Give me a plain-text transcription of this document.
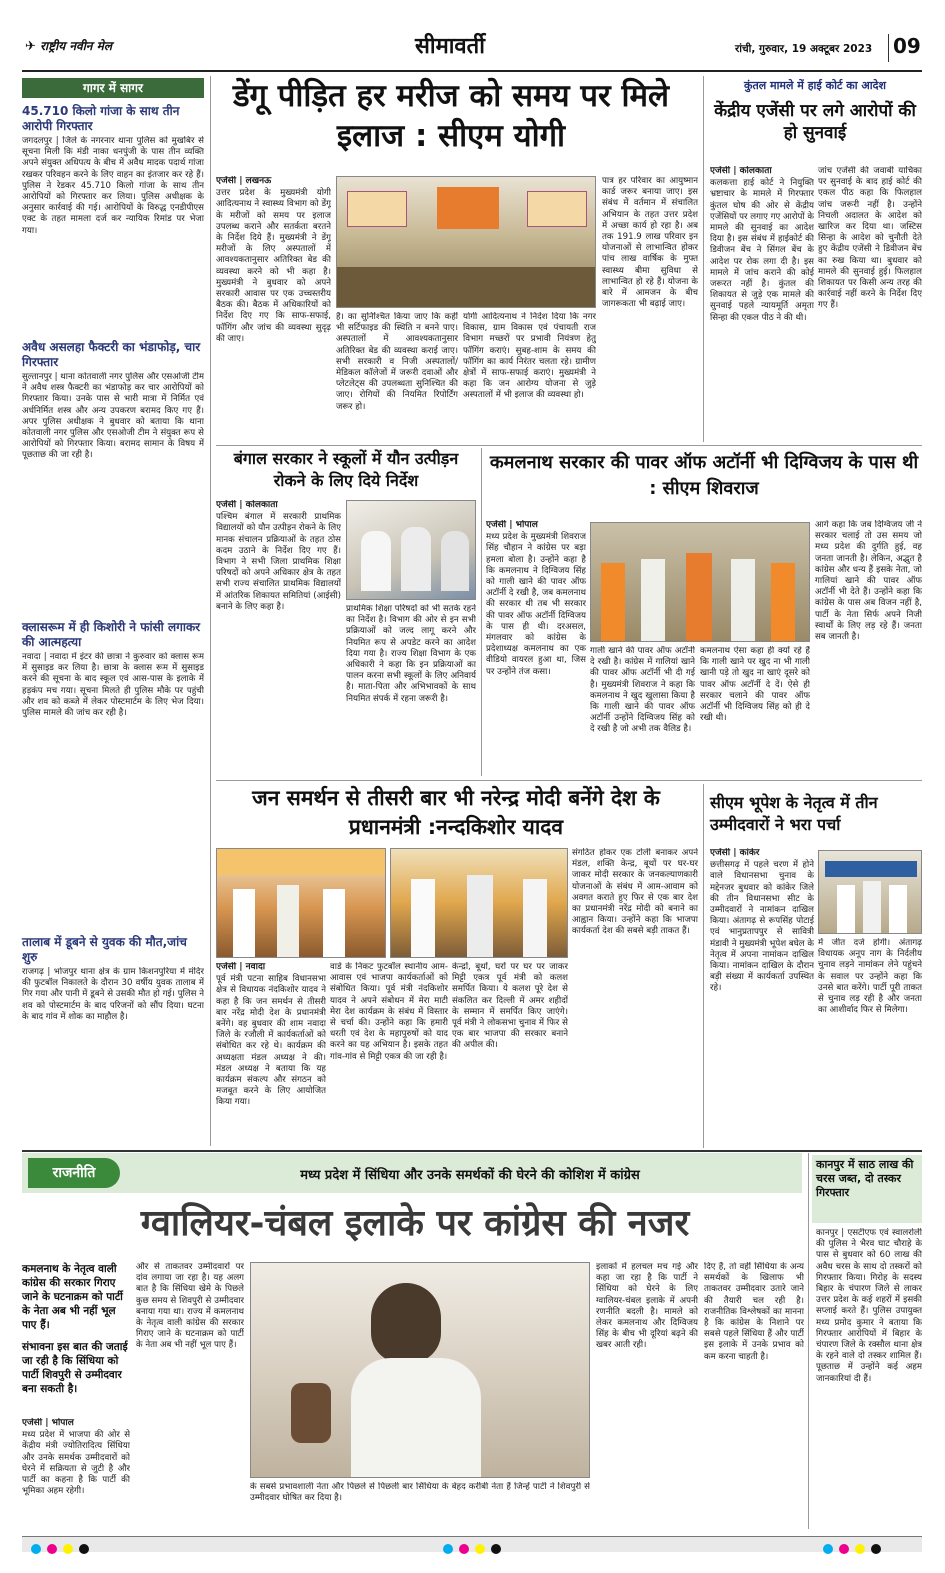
✈ राष्ट्रीय नवीन मेल	सीमावर्ती	रांची, गुरुवार, 19 अक्टूबर 2023 09
गागर में सागर
45.710 किलो गांजा के साथ तीन आरोपी गिरफ्तार
जगदलपुर | जिले के नगरनार थाना पुलिस को मुखबिर से सूचना मिली कि मंडी नाका धनपुंजी के पास तीन व्यक्ति अपने संयुक्त अधिपत्य के बीच में अवैध मादक पदार्थ गांजा रखकर परिवहन करने के लिए वाहन का इंतजार कर रहे हैं। पुलिस ने रेडकर 45.710 किलो गांजा के साथ तीन आरोपियों को गिरफ्तार कर लिया। पुलिस अधीक्षक के अनुसार कार्रवाई की गई। आरोपियों के विरुद्ध एनडीपीएस एक्ट के तहत मामला दर्ज कर न्यायिक रिमांड पर भेजा गया।
अवैध असलहा फैक्टरी का भंडाफोड़, चार गिरफ्तार
सुल्तानपुर | थाना कोतवाली नगर पुलिस और एसओजी टीम ने अवैध शस्त्र फैक्टरी का भंडाफोड़ कर चार आरोपियों को गिरफ्तार किया। उनके पास से भारी मात्रा में निर्मित एवं अर्धनिर्मित शस्त्र और अन्य उपकरण बरामद किए गए हैं। अपर पुलिस अधीक्षक ने बुधवार को बताया कि थाना कोतवाली नगर पुलिस और एसओजी टीम ने संयुक्त रूप से आरोपियों को गिरफ्तार किया। बरामद सामान के विषय में पूछताछ की जा रही है।
क्लासरूम में ही किशोरी ने फांसी लगाकर की आत्महत्या
नवादा | नवादा में इंटर की छात्रा ने कुरुवार को क्लास रूम में सुसाइड कर लिया है। छात्रा के क्लास रूम में सुसाइड करने की सूचना के बाद स्कूल एवं आस-पास के इलाके में हड़कंप मच गया। सूचना मिलते ही पुलिस मौके पर पहुंची और शव को कब्जे में लेकर पोस्टमार्टम के लिए भेज दिया। पुलिस मामले की जांच कर रही है।
तालाब में डूबने से युवक की मौत,जांच शुरु
राजगढ़ | भोजपुर थाना क्षेत्र के ग्राम किशनपुरिया में मंदिर की फुटबॉल निकालते के दौरान 30 वर्षीय युवक तालाब में गिर गया और पानी में डूबने से उसकी मौत हो गई। पुलिस ने शव को पोस्टमार्टम के बाद परिजनों को सौंप दिया। घटना के बाद गांव में शोक का माहौल है।
डेंगू पीड़ित हर मरीज को समय पर मिले इलाज : सीएम योगी
एजेंसी | लखनऊ
उत्तर प्रदेश के मुख्यमंत्री योगी आदित्यनाथ ने स्वास्थ्य विभाग को डेंगू के मरीजों को समय पर इलाज उपलब्ध कराने और सतर्कता बरतने के निर्देश दिये हैं। मुख्यमंत्री ने डेंगू मरीजों के लिए अस्पतालों में आवश्यकतानुसार अतिरिक्त बेड की व्यवस्था करने को भी कहा है। मुख्यमंत्री ने बुधवार को अपने सरकारी आवास पर एक उच्चस्तरीय बैठक की। बैठक में अधिकारियों को निर्देश दिए गए कि साफ-सफाई, फॉगिंग और जांच की व्यवस्था सुदृढ़ की जाए।
है। का सुनिश्चित किया जाए कि कहीं भी सर्टिफाइड की स्थिति न बनने पाए। अस्पतालों में आवश्यकतानुसार अतिरिक्त बेड की व्यवस्था कराई जाए। सभी सरकारी व निजी अस्पतालों/मेडिकल कॉलेजों में जरूरी दवाओं और प्लेटलेट्स की उपलब्धता सुनिश्चित की जाए। रोगियों की नियमित रिपोर्टिंग जरूर हो।
योगी आदित्यनाथ ने निर्देश दिया कि नगर विकास, ग्राम विकास एवं पंचायती राज विभाग मच्छरों पर प्रभावी नियंत्रण हेतु फॉगिंग कराएं। सुबह-शाम के समय की फॉगिंग का कार्य निरंतर चलता रहे। ग्रामीण क्षेत्रों में साफ-सफाई कराएं। मुख्यमंत्री ने कहा कि जन आरोग्य योजना से जुड़े अस्पतालों में भी इलाज की व्यवस्था हो।
पात्र हर परिवार का आयुष्मान कार्ड जरूर बनाया जाए। इस संबंध में वर्तमान में संचालित अभियान के तहत उत्तर प्रदेश में अच्छा कार्य हो रहा है। अब तक 191.9 लाख परिवार इन योजनाओं से लाभान्वित होकर पांच लाख वार्षिक के मुफ्त स्वास्थ्य बीमा सुविधा से लाभान्वित हो रहे हैं। योजना के बारे में आमजन के बीच जागरूकता भी बढ़ाई जाए।
कुंतल मामले में हाई कोर्ट का आदेश
केंद्रीय एजेंसी पर लगे आरोपों की हो सुनवाई
एजेंसी | कोलकाता
कलकत्ता हाई कोर्ट ने नियुक्ति भ्रष्टाचार के मामले में गिरफ्तार कुंतल घोष की ओर से केंद्रीय एजेंसियों पर लगाए गए आरोपों के मामले की सुनवाई का आदेश दिया है। इस संबंध में हाईकोर्ट की डिवीजन बेंच ने सिंगल बेंच के आदेश पर रोक लगा दी है। इस मामले में जांच कराने की कोई जरूरत नहीं है। कुंतल की शिकायत से जुड़े एक मामले की सुनवाई पहले न्यायमूर्ति अमृता सिन्हा की एकल पीठ ने की थी।
जांच एजेंसी की जवाबी याचिका पर सुनवाई के बाद हाई कोर्ट की एकल पीठ कहा कि फिलहाल जांच जरूरी नहीं है। उन्होंने निचली अदालत के आदेश को खारिज कर दिया था। जस्टिस सिन्हा के आदेश को चुनौती देते हुए केंद्रीय एजेंसी ने डिवीजन बेंच का रुख किया था। बुधवार को मामले की सुनवाई हुई। फिलहाल शिकायत पर किसी अन्य तरह की कार्रवाई नहीं करने के निर्देश दिए गए हैं।
बंगाल सरकार ने स्कूलों में यौन उत्पीड़न रोकने के लिए दिये निर्देश
एजेंसी | कोलकाता
पश्चिम बंगाल में सरकारी प्राथमिक विद्यालयों को यौन उत्पीड़न रोकने के लिए मानक संचालन प्रक्रियाओं के तहत ठोस कदम उठाने के निर्देश दिए गए हैं। विभाग ने सभी जिला प्राथमिक शिक्षा परिषदों को अपने अधिकार क्षेत्र के तहत सभी राज्य संचालित प्राथमिक विद्यालयों में आंतरिक शिकायत समितियां (आईसी) बनाने के लिए कहा है।	प्राथमिक शिक्षा परिषदों को भी सतर्क रहने का निर्देश है। विभाग की ओर से इन सभी प्रक्रियाओं को जल्द लागू करने और नियमित रूप से अपडेट करने का आदेश दिया गया है। राज्य शिक्षा विभाग के एक अधिकारी ने कहा कि इन प्रक्रियाओं का पालन करना सभी स्कूलों के लिए अनिवार्य है। माता-पिता और अभिभावकों के साथ नियमित संपर्क में रहना जरूरी है।
कमलनाथ सरकार की पावर ऑफ अटॉर्नी भी दिग्विजय के पास थी : सीएम शिवराज
एजेंसी | भोपाल
मध्य प्रदेश के मुख्यमंत्री शिवराज सिंह चौहान ने कांग्रेस पर बड़ा हमला बोला है। उन्होंने कहा है कि कमलनाथ ने दिग्विजय सिंह को गाली खाने की पावर ऑफ अटॉर्नी दे रखी है, जब कमलनाथ की सरकार थी तब भी सरकार की पावर ऑफ अटॉर्नी दिग्विजय के पास ही थी। दरअसल, मंगलवार को कांग्रेस के प्रदेशाध्यक्ष कमलनाथ का एक वीडियो वायरल हुआ था, जिस पर उन्होंने तंज कसा।
गाली खाने की पावर ऑफ अटॉर्नी दे रखी है। कांग्रेस में गालियां खाने की पावर ऑफ अटॉर्नी भी दी गई है। मुख्यमंत्री शिवराज ने कहा कि कमलनाथ ने खुद खुलासा किया है कि गाली खाने की पावर ऑफ अटॉर्नी उन्होंने दिग्विजय सिंह को दे रखी है जो अभी तक वैलिड है।
कमलनाथ ऐसा कहा ही क्यों रहे हैं कि गाली खाने पर खुद ना भी गाली खानी पड़े तो खुद ना खाएं दूसरे को पावर ऑफ अटॉर्नी दे दें। ऐसे ही सरकार चलाने की पावर ऑफ अटॉर्नी भी दिग्विजय सिंह को ही दे रखी थी।
आगे कहा कि जब दिग्विजय जी ने सरकार चलाई तो उस समय जो मध्य प्रदेश की दुर्गति हुई, वह जनता जानती है। लेकिन, अद्भुत है कांग्रेस और धन्य हैं इसके नेता, जो गालियां खाने की पावर ऑफ अटॉर्नी भी देते हैं। उन्होंने कहा कि कांग्रेस के पास अब विजन नहीं है, पार्टी के नेता सिर्फ अपने निजी स्वार्थों के लिए लड़ रहे हैं। जनता सब जानती है।
जन समर्थन से तीसरी बार भी नरेन्द्र मोदी बनेंगे देश के प्रधानमंत्री :नन्दकिशोर यादव
एजेंसी | नवादा
पूर्व मंत्री पटना साहिब विधानसभा क्षेत्र से विधायक नंदकिशोर यादव ने कहा है कि जन समर्थन से तीसरी बार नरेंद्र मोदी देश के प्रधानमंत्री बनेंगे। वह बुधवार की शाम नवादा जिले के रजौली में कार्यकर्ताओं को संबोधित कर रहे थे। कार्यक्रम की अध्यक्षता मंडल अध्यक्ष ने की। मंडल अध्यक्ष ने बताया कि यह कार्यक्रम संकल्प और संगठन को मजबूत करने के लिए आयोजित किया गया।
वार्ड के निकट फुटबॉल स्थानीय आम-आवास एवं भाजपा कार्यकर्ताओं को संबोधित किया। पूर्व मंत्री नंदकिशोर यादव ने अपने संबोधन में मेरा माटी मेरा देश कार्यक्रम के संबंध में विस्तार से चर्चा की। उन्होंने कहा कि हमारी धरती एवं देश के महापुरुषों को याद करने का यह अभियान है। इसके तहत गांव-गांव से मिट्टी एकत्र की जा रही है।
केन्द्रों, बूथों, घरों पर घर पर जाकर मिट्टी एकत्र पूर्व मंत्री को कलश समर्पित किया। ये कलश पूरे देश से संकलित कर दिल्ली में अमर शहीदों के सम्मान में समर्पित किए जाएंगे। पूर्व मंत्री ने लोकसभा चुनाव में फिर से एक बार भाजपा की सरकार बनाने की अपील की।
संगठित होकर एक टोली बनाकर अपने मंडल, शक्ति केन्द्र, बूथों पर घर-घर जाकर मोदी सरकार के जनकल्याणकारी योजनाओं के संबंध में आम-आवाम को अवगत कराते हुए फिर से एक बार देश का प्रधानमंत्री नरेंद्र मोदी को बनाने का आह्वान किया। उन्होंने कहा कि भाजपा कार्यकर्ता देश की सबसे बड़ी ताकत हैं।
सीएम भूपेश के नेतृत्व में तीन उम्मीदवारों ने भरा पर्चा
एजेंसी | कांकेर
छत्तीसगढ़ में पहले चरण में होने वाले विधानसभा चुनाव के मद्देनजर बुधवार को कांकेर जिले की तीन विधानसभा सीट के उम्मीदवारों ने नामांकन दाखिल किया। अंतागढ़ से रूपसिंह पोटाई एवं भानुप्रतापपुर से सावित्री मंडावी ने मुख्यमंत्री भूपेश बघेल के नेतृत्व में अपना नामांकन दाखिल किया। नामांकन दाखिल के दौरान बड़ी संख्या में कार्यकर्ता उपस्थित रहे।
में जीत दर्ज होगी। अंतागढ़ विधायक अनूप नाग के निर्दलीय चुनाव लड़ने नामांकन लेने पहुंचने के सवाल पर उन्होंने कहा कि उनसे बात करेंगे। पार्टी पूरी ताकत से चुनाव लड़ रही है और जनता का आशीर्वाद फिर से मिलेगा।
राजनीति	मध्य प्रदेश में सिंधिया और उनके समर्थकों की घेरने की कोशिश में कांग्रेस
ग्वालियर-चंबल इलाके पर कांग्रेस की नजर
कमलनाथ के नेतृत्व वाली कांग्रेस की सरकार गिराए जाने के घटनाक्रम को पार्टी के नेता अब भी नहीं भूल पाए हैं।
संभावना इस बात की जताई जा रही है कि सिंधिया को पार्टी शिवपुरी से उम्मीदवार बना सकती है।
एजेंसी | भोपाल
मध्य प्रदेश में भाजपा की ओर से केंद्रीय मंत्री ज्योतिरादित्य सिंधिया और उनके समर्थक उम्मीदवारों को घेरने में सक्रियता से जुटी है और पार्टी का कहना है कि पार्टी की भूमिका अहम रहेगी।
और से ताकतवर उम्मीदवारों पर दांव लगाया जा रहा है। यह अलग बात है कि सिंधिया खेमे के पिछले कुछ समय से शिवपुरी से उम्मीदवार बनाया गया था। राज्य में कमलनाथ के नेतृत्व वाली कांग्रेस की सरकार गिराए जाने के घटनाक्रम को पार्टी के नेता अब भी नहीं भूल पाए हैं।
के सबसे प्रभावशाली नेता और पिछले से पिछली बार सिंधिया के बेहद करीबी नेता हैं जिन्हें पार्टी ने शिवपुरी से उम्मीदवार घोषित कर दिया है।
इलाकों में हलचल मच गई और कहा जा रहा है कि पार्टी ने सिंधिया को घेरने के लिए ग्वालियर-चंबल इलाके में अपनी रणनीति बदली है। मामले को लेकर कमलनाथ और दिग्विजय सिंह के बीच भी दूरियां बढ़ने की खबर आती रही।
दिए हैं, तो वहीं सिंधिया के अन्य समर्थकों के खिलाफ भी ताकतवर उम्मीदवार उतारे जाने की तैयारी चल रही है। राजनीतिक विश्लेषकों का मानना है कि कांग्रेस के निशाने पर सबसे पहले सिंधिया हैं और पार्टी इस इलाके में उनके प्रभाव को कम करना चाहती है।
कानपुर में साठ लाख की चरस जब्त, दो तस्कर गिरफ्तार
कानपुर | एसटीएफ एवं स्वालरोली की पुलिस ने भैरव घाट चौराहे के पास से बुधवार को 60 लाख की अवैध चरस के साथ दो तस्करों को गिरफ्तार किया। गिरोह के सदस्य बिहार के चंपारण जिले से लाकर उत्तर प्रदेश के कई शहरों में इसकी सप्लाई करते हैं। पुलिस उपायुक्त मध्य प्रमोद कुमार ने बताया कि गिरफ्तार आरोपियों में बिहार के चंपारण जिले के रक्सौल थाना क्षेत्र के रहने वाले दो तस्कर शामिल हैं। पूछताछ में उन्होंने कई अहम जानकारियां दी हैं।
